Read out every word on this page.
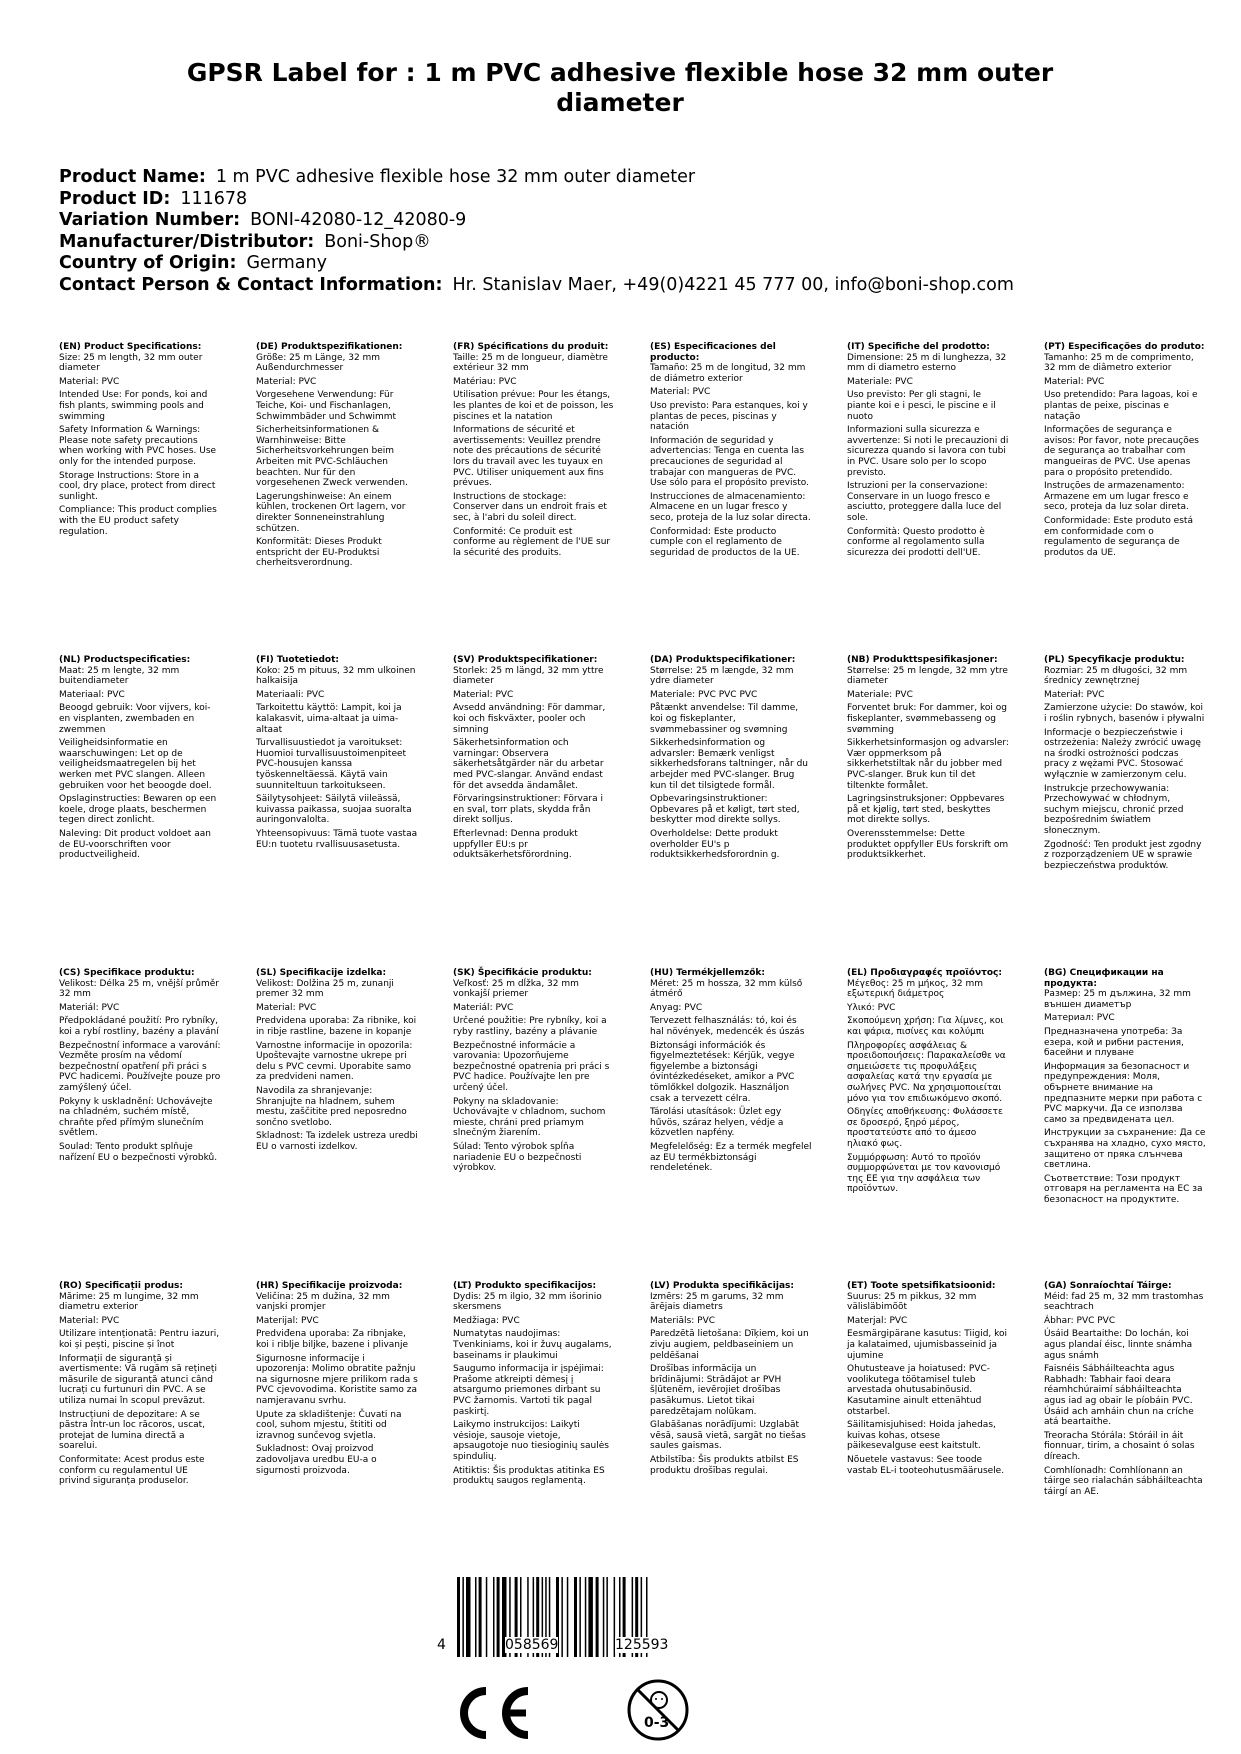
GPSR Label for : 1 m PVC adhesive flexible hose 32 mm outer diameter
Product Name: 1 m PVC adhesive flexible hose 32 mm outer diameter
Product ID: 111678
Variation Number: BONI-42080-12_42080-9
Manufacturer/Distributor: Boni-Shop®
Country of Origin: Germany
Contact Person & Contact Information: Hr. Stanislav Maer, +49(0)4221 45 777 00, info@boni-shop.com
(EN) Product Specifications:

Size: 25 m length, 32 mm outer diameter

Material: PVC

Intended Use: For ponds, koi and fish plants, swimming pools and swimming

Safety Information & Warnings: Please note safety precautions when working with PVC hoses. Use only for the intended purpose.

Storage Instructions: Store in a cool, dry place, protect from direct sunlight.

Compliance: This product complies with the EU product safety regulation.

(DE) Produktspezifikationen:

Größe: 25 m Länge, 32 mm Außendurchmesser

Material: PVC

Vorgesehene Verwendung: Für Teiche, Koi- und Fischanlagen, Schwimmbäder und Schwimmt

Sicherheitsinformationen & Warnhinweise: Bitte Sicherheitsvorkehrungen beim Arbeiten mit PVC-Schläuchen beachten. Nur für den vorgesehenen Zweck verwenden.

Lagerungshinweise: An einem kühlen, trockenen Ort lagern, vor direkter Sonneneinstrahlung schützen.

Konformität: Dieses Produkt entspricht der EU-Produktsi cherheitsverordnung.

(FR) Spécifications du produit:

Taille: 25 m de longueur, diamètre extérieur 32 mm

Matériau: PVC

Utilisation prévue: Pour les étangs, les plantes de koi et de poisson, les piscines et la natation

Informations de sécurité et avertissements: Veuillez prendre note des précautions de sécurité lors du travail avec les tuyaux en PVC. Utiliser uniquement aux fins prévues.

Instructions de stockage: Conserver dans un endroit frais et sec, à l'abri du soleil direct.

Conformité: Ce produit est conforme au règlement de l'UE sur la sécurité des produits.

(ES) Especificaciones del producto:

Tamaño: 25 m de longitud, 32 mm de diámetro exterior

Material: PVC

Uso previsto: Para estanques, koi y plantas de peces, piscinas y natación

Información de seguridad y advertencias: Tenga en cuenta las precauciones de seguridad al trabajar con mangueras de PVC. Use sólo para el propósito previsto.

Instrucciones de almacenamiento: Almacene en un lugar fresco y seco, proteja de la luz solar directa.

Conformidad: Este producto cumple con el reglamento de seguridad de productos de la UE.

(IT) Specifiche del prodotto:

Dimensione: 25 m di lunghezza, 32 mm di diametro esterno

Materiale: PVC

Uso previsto: Per gli stagni, le piante koi e i pesci, le piscine e il nuoto

Informazioni sulla sicurezza e avvertenze: Si noti le precauzioni di sicurezza quando si lavora con tubi in PVC. Usare solo per lo scopo previsto.

Istruzioni per la conservazione: Conservare in un luogo fresco e asciutto, proteggere dalla luce del sole.

Conformità: Questo prodotto è conforme al regolamento sulla sicurezza dei prodotti dell'UE.

(PT) Especificações do produto:

Tamanho: 25 m de comprimento, 32 mm de diâmetro exterior

Material: PVC

Uso pretendido: Para lagoas, koi e plantas de peixe, piscinas e natação

Informações de segurança e avisos: Por favor, note precauções de segurança ao trabalhar com mangueiras de PVC. Use apenas para o propósito pretendido.

Instruções de armazenamento: Armazene em um lugar fresco e seco, proteja da luz solar direta.

Conformidade: Este produto está em conformidade com o regulamento de segurança de produtos da UE.

(NL) Productspecificaties:

Maat: 25 m lengte, 32 mm buitendiameter

Materiaal: PVC

Beoogd gebruik: Voor vijvers, koi- en visplanten, zwembaden en zwemmen

Veiligheidsinformatie en waarschuwingen: Let op de veiligheidsmaatregelen bij het werken met PVC slangen. Alleen gebruiken voor het beoogde doel.

Opslaginstructies: Bewaren op een koele, droge plaats, beschermen tegen direct zonlicht.

Naleving: Dit product voldoet aan de EU-voorschriften voor productveiligheid.

(FI) Tuotetiedot:

Koko: 25 m pituus, 32 mm ulkoinen halkaisija

Materiaali: PVC

Tarkoitettu käyttö: Lampit, koi ja kalakasvit, uima-altaat ja uima-altaat

Turvallisuustiedot ja varoitukset: Huomioi turvallisuustoimenpiteet PVC-housujen kanssa työskenneltäessä. Käytä vain suunniteltuun tarkoitukseen.

Säilytysohjeet: Säilytä viileässä, kuivassa paikassa, suojaa suoralta auringonvalolta.

Yhteensopivuus: Tämä tuote vastaa EU:n tuotetu rvallisuusasetusta.

(SV) Produktspecifikationer:

Storlek: 25 m längd, 32 mm yttre diameter

Material: PVC

Avsedd användning: För dammar, koi och fiskväxter, pooler och simning

Säkerhetsinformation och varningar: Observera säkerhetsåtgärder när du arbetar med PVC-slangar. Använd endast för det avsedda ändamålet.

Förvaringsinstruktioner: Förvara i en sval, torr plats, skydda från direkt solljus.

Efterlevnad: Denna produkt uppfyller EU:s pr oduktsäkerhetsförordning.

(DA) Produktspecifikationer:

Størrelse: 25 m længde, 32 mm ydre diameter

Materiale: PVC PVC PVC

Påtænkt anvendelse: Til damme, koi og fiskeplanter, svømmebassiner og svømning

Sikkerhedsinformation og advarsler: Bemærk venligst sikkerhedsforans taltninger, når du arbejder med PVC-slanger. Brug kun til det tilsigtede formål.

Opbevaringsinstruktioner: Opbevares på et køligt, tørt sted, beskytter mod direkte sollys.

Overholdelse: Dette produkt overholder EU's p roduktsikkerhedsforordnin g.

(NB) Produkttspesifikasjoner:

Størrelse: 25 m lengde, 32 mm ytre diameter

Materiale: PVC

Forventet bruk: For dammer, koi og fiskeplanter, svømmebasseng og svømming

Sikkerhetsinformasjon og advarsler: Vær oppmerksom på sikkerhetstiltak når du jobber med PVC-slanger. Bruk kun til det tiltenkte formålet.

Lagringsinstruksjoner: Oppbevares på et kjølig, tørt sted, beskyttes mot direkte sollys.

Overensstemmelse: Dette produktet oppfyller EUs forskrift om produktsikkerhet.

(PL) Specyfikacje produktu:

Rozmiar: 25 m długości, 32 mm średnicy zewnętrznej

Materiał: PVC

Zamierzone użycie: Do stawów, koi i roślin rybnych, basenów i pływalni

Informacje o bezpieczeństwie i ostrzeżenia: Należy zwrócić uwagę na środki ostrożności podczas pracy z wężami PVC. Stosować wyłącznie w zamierzonym celu.

Instrukcje przechowywania: Przechowywać w chłodnym, suchym miejscu, chronić przed bezpośrednim światłem słonecznym.

Zgodność: Ten produkt jest zgodny z rozporządzeniem UE w sprawie bezpieczeństwa produktów.

(CS) Specifikace produktu:

Velikost: Délka 25 m, vnější průměr 32 mm

Materiál: PVC

Předpokládané použití: Pro rybníky, koi a rybí rostliny, bazény a plavání

Bezpečnostní informace a varování: Vezměte prosím na vědomí bezpečnostní opatření při práci s PVC hadicemi. Používejte pouze pro zamýšlený účel.

Pokyny k uskladnění: Uchovávejte na chladném, suchém místě, chraňte před přímým slunečním světlem.

Soulad: Tento produkt splňuje nařízení EU o bezpečnosti výrobků.

(SL) Specifikacije izdelka:

Velikost: Dolžina 25 m, zunanji premer 32 mm

Material: PVC

Predvidena uporaba: Za ribnike, koi in ribje rastline, bazene in kopanje

Varnostne informacije in opozorila: Upoštevajte varnostne ukrepe pri delu s PVC cevmi. Uporabite samo za predvideni namen.

Navodila za shranjevanje: Shranjujte na hladnem, suhem mestu, zaščitite pred neposredno sončno svetlobo.

Skladnost: Ta izdelek ustreza uredbi EU o varnosti izdelkov.

(SK) Špecifikácie produktu:

Veľkosť: 25 m dĺžka, 32 mm vonkajší priemer

Materiál: PVC

Určené použitie: Pre rybníky, koi a ryby rastliny, bazény a plávanie

Bezpečnostné informácie a varovania: Upozorňujeme bezpečnostné opatrenia pri práci s PVC hadice. Používajte len pre určený účel.

Pokyny na skladovanie: Uchovávajte v chladnom, suchom mieste, chráni pred priamym slnečným žiarením.

Súlad: Tento výrobok spĺňa nariadenie EU o bezpečnosti výrobkov.

(HU) Termékjellemzők:

Méret: 25 m hossza, 32 mm külső átmérő

Anyag: PVC

Tervezett felhasználás: tó, koi és hal növények, medencék és úszás

Biztonsági információk és figyelmeztetések: Kérjük, vegye figyelembe a biztonsági óvintézkedéseket, amikor a PVC tömlőkkel dolgozik. Használjon csak a tervezett célra.

Tárolási utasítások: Üzlet egy hűvös, száraz helyen, védje a közvetlen napfény.

Megfelelőség: Ez a termék megfelel az EU termékbiztonsági rendeletének.

(EL) Προδιαγραφές προϊόντος:

Μέγεθος: 25 m μήκος, 32 mm εξωτερική διάμετρος

Υλικό: PVC

Σκοπούμενη χρήση: Για λίμνες, κοι και ψάρια, πισίνες και κολύμπι

Πληροφορίες ασφάλειας & προειδοποιήσεις: Παρακαλείσθε να σημειώσετε τις προφυλάξεις ασφαλείας κατά την εργασία με σωλήνες PVC. Να χρησιμοποιείται μόνο για τον επιδιωκόμενο σκοπό.

Οδηγίες αποθήκευσης: Φυλάσσετε σε δροσερό, ξηρό μέρος, προστατεύστε από το άμεσο ηλιακό φως.

Συμμόρφωση: Αυτό το προϊόν συμμορφώνεται με τον κανονισμό της ΕΕ για την ασφάλεια των προϊόντων.

(BG) Спецификации на продукта:

Размер: 25 m дължина, 32 mm външен диаметър

Материал: PVC

Предназначена употреба: За езера, кой и рибни растения, басейни и плуване

Информация за безопасност и предупреждения: Моля, обърнете внимание на предпазните мерки при работа с PVC маркучи. Да се използва само за предвидената цел.

Инструкции за съхранение: Да се съхранява на хладно, сухо място, защитено от пряка слънчева светлина.

Съответствие: Този продукт отговаря на регламента на ЕС за безопасност на продуктите.

(RO) Specificații produs:

Mărime: 25 m lungime, 32 mm diametru exterior

Material: PVC

Utilizare intenționată: Pentru iazuri, koi și pești, piscine și înot

Informații de siguranță și avertismente: Vă rugăm să rețineți măsurile de siguranță atunci când lucrați cu furtunuri din PVC. A se utiliza numai în scopul prevăzut.

Instrucțiuni de depozitare: A se păstra într-un loc răcoros, uscat, protejat de lumina directă a soarelui.

Conformitate: Acest produs este conform cu regulamentul UE privind siguranța produselor.

(HR) Specifikacije proizvoda:

Veličina: 25 m dužina, 32 mm vanjski promjer

Materijal: PVC

Predviđena uporaba: Za ribnjake, koi i riblje biljke, bazene i plivanje

Sigurnosne informacije i upozorenja: Molimo obratite pažnju na sigurnosne mjere prilikom rada s PVC cjevovodima. Koristite samo za namjeravanu svrhu.

Upute za skladištenje: Čuvati na cool, suhom mjestu, štititi od izravnog sunčevog svjetla.

Sukladnost: Ovaj proizvod zadovoljava uredbu EU-a o sigurnosti proizvoda.

(LT) Produkto specifikacijos:

Dydis: 25 m ilgio, 32 mm išorinio skersmens

Medžiaga: PVC

Numatytas naudojimas: Tvenkiniams, koi ir žuvų augalams, baseinams ir plaukimui

Saugumo informacija ir įspėjimai: Prašome atkreipti dėmesį į atsargumo priemones dirbant su PVC žarnomis. Vartoti tik pagal paskirtį.

Laikymo instrukcijos: Laikyti vėsioje, sausoje vietoje, apsaugotoje nuo tiesioginių saulės spindulių.

Atitiktis: Šis produktas atitinka ES produktų saugos reglamentą.

(LV) Produkta specifikācijas:

Izmērs: 25 m garums, 32 mm ārējais diametrs

Materiāls: PVC

Paredzētā lietošana: Dīķiem, koi un zivju augiem, peldbaseiniem un peldēšanai

Drošības informācija un brīdinājumi: Strādājot ar PVH šļūtenēm, ievērojiet drošības pasākumus. Lietot tikai paredzētajam nolūkam.

Glabāšanas norādījumi: Uzglabāt vēsā, sausā vietā, sargāt no tiešas saules gaismas.

Atbilstība: Šis produkts atbilst ES produktu drošības regulai.

(ET) Toote spetsifikatsioonid:

Suurus: 25 m pikkus, 32 mm välisläbimõõt

Materjal: PVC

Eesmärgipärane kasutus: Tiigid, koi ja kalataimed, ujumisbasseinid ja ujumine

Ohutusteave ja hoiatused: PVC-voolikutega töötamisel tuleb arvestada ohutusabinõusid. Kasutamine ainult ettenähtud otstarbel.

Säilitamisjuhised: Hoida jahedas, kuivas kohas, otsese päikesevalguse eest kaitstult.

Nõuetele vastavus: See toode vastab EL-i tooteohutusmäärusele.

(GA) Sonraíochtaí Táirge:

Méid: fad 25 m, 32 mm trastomhas seachtrach

Ábhar: PVC PVC

Úsáid Beartaithe: Do lochán, koi agus plandaí éisc, linnte snámha agus snámh

Faisnéis Sábháilteachta agus Rabhadh: Tabhair faoi deara réamhchúraimí sábháilteachta agus iad ag obair le píobáin PVC. Úsáid ach amháin chun na críche atá beartaithe.

Treoracha Stórála: Stóráil in áit fionnuar, tirim, a chosaint ó solas díreach.

Comhlíonadh: Comhlíonann an táirge seo rialachán sábháilteachta táirgí an AE.

4	058569	125593
0-3
